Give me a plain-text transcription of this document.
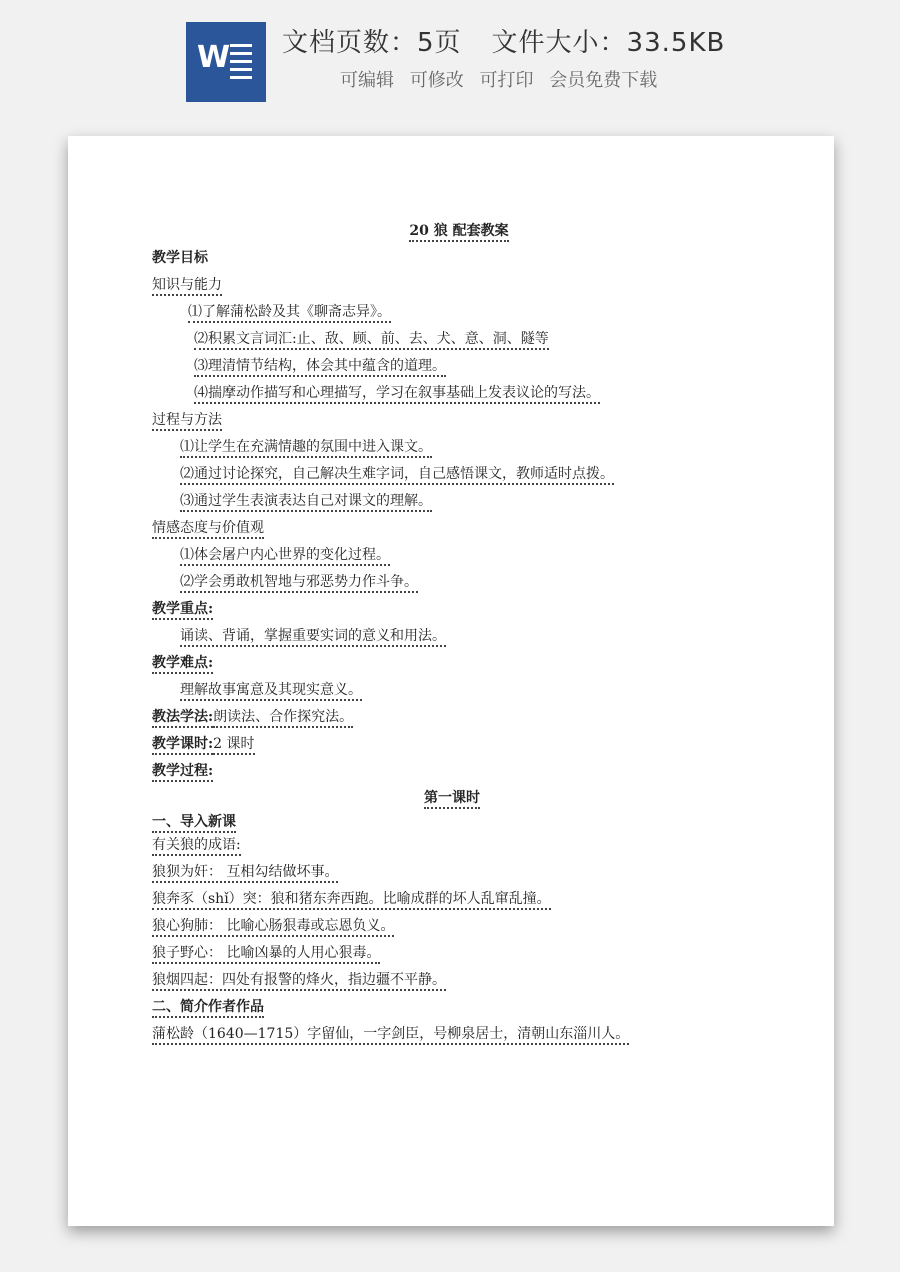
W 文档页数：5页 文件大小：33.5KB
可编辑 可修改 可打印 会员免费下载
20 狼 配套教案
教学目标
知识与能力
⑴了解蒲松龄及其《聊斋志异》。
⑵积累文言词汇:止、敌、顾、前、去、犬、意、洞、隧等
⑶理清情节结构，体会其中蕴含的道理。
⑷揣摩动作描写和心理描写，学习在叙事基础上发表议论的写法。
过程与方法
⑴让学生在充满情趣的氛围中进入课文。
⑵通过讨论探究，自己解决生难字词，自己感悟课文，教师适时点拨。
⑶通过学生表演表达自己对课文的理解。
情感态度与价值观
⑴体会屠户内心世界的变化过程。
⑵学会勇敢机智地与邪恶势力作斗争。
教学重点:
诵读、背诵，掌握重要实词的意义和用法。
教学难点:
理解故事寓意及其现实意义。
教法学法:朗读法、合作探究法。
教学课时:2 课时
教学过程:
第一课时
一、导入新课
有关狼的成语:
狼狈为奸： 互相勾结做坏事。
狼奔豕（shǐ）突：狼和猪东奔西跑。比喻成群的坏人乱窜乱撞。
狼心狗肺： 比喻心肠狠毒或忘恩负义。
狼子野心： 比喻凶暴的人用心狠毒。
狼烟四起：四处有报警的烽火，指边疆不平静。
二、简介作者作品
蒲松龄（1640—1715）字留仙，一字剑臣，号柳泉居士，清朝山东淄川人。
